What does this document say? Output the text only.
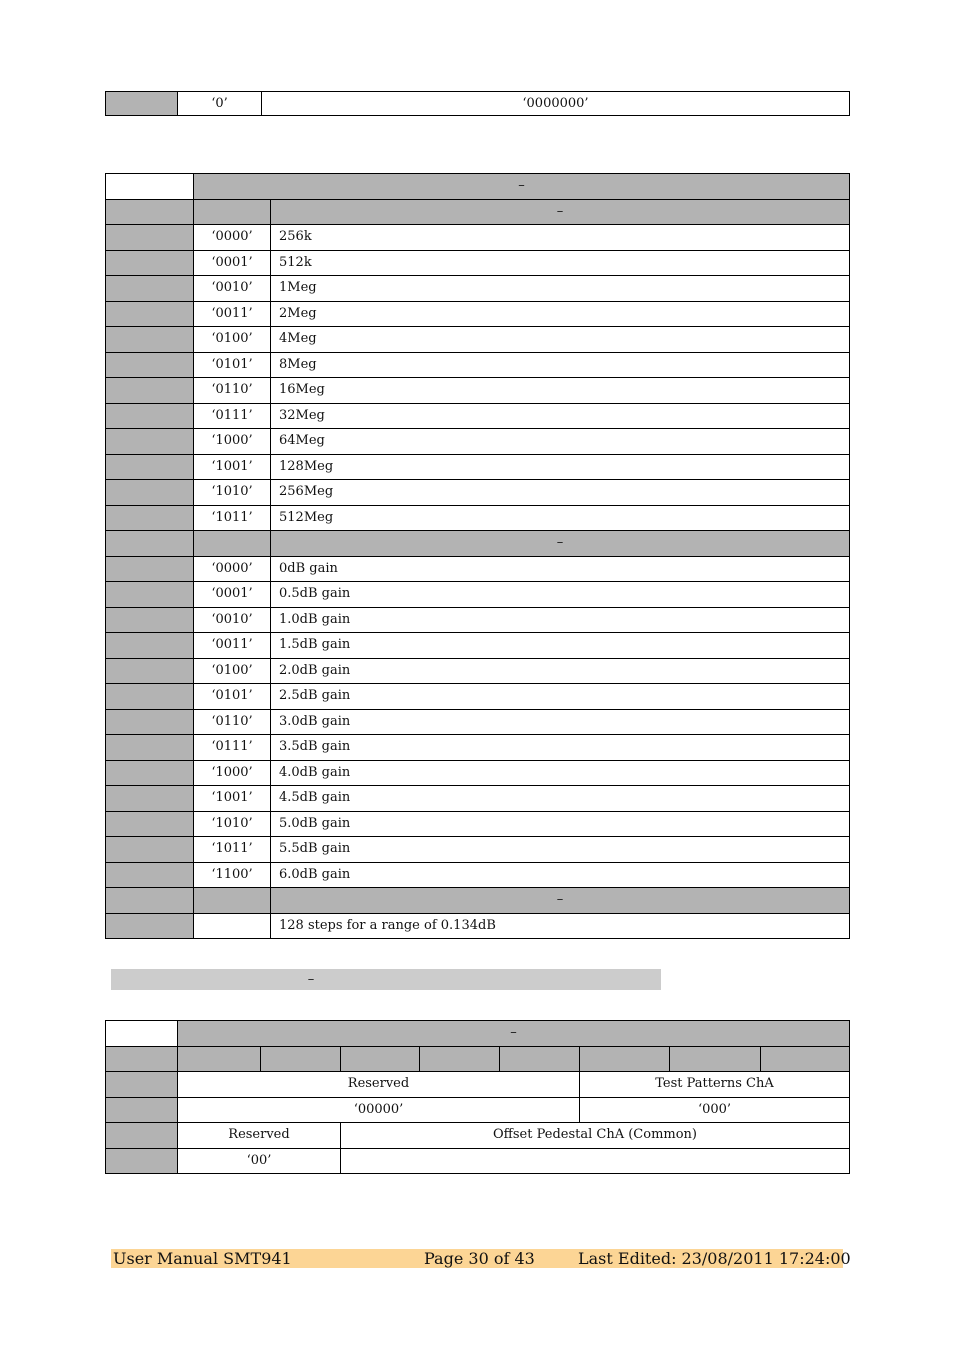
	‘0’	‘0000000’
	–	
		–
	‘0000’	256k
	‘0001’	512k
	‘0010’	1Meg
	‘0011’	2Meg
	‘0100’	4Meg
	‘0101’	8Meg
	‘0110’	16Meg
	‘0111’	32Meg
	‘1000’	64Meg
	‘1001’	128Meg
	‘1010’	256Meg
	‘1011’	512Meg
		–
	‘0000’	0dB gain
	‘0001’	0.5dB gain
	‘0010’	1.0dB gain
	‘0011’	1.5dB gain
	‘0100’	2.0dB gain
	‘0101’	2.5dB gain
	‘0110’	3.0dB gain
	‘0111’	3.5dB gain
	‘1000’	4.0dB gain
	‘1001’	4.5dB gain
	‘1010’	5.0dB gain
	‘1011’	5.5dB gain
	‘1100’	6.0dB gain
		–
		128 steps for a range of 0.134dB
–
	–							

	Reserved					Test Patterns ChA		
	‘00000’					‘000’		
	Reserved		Offset Pedestal ChA (Common)					
	‘00’							
User Manual SMT941	Page 30 of 43	Last Edited: 23/08/2011 17:24:00
